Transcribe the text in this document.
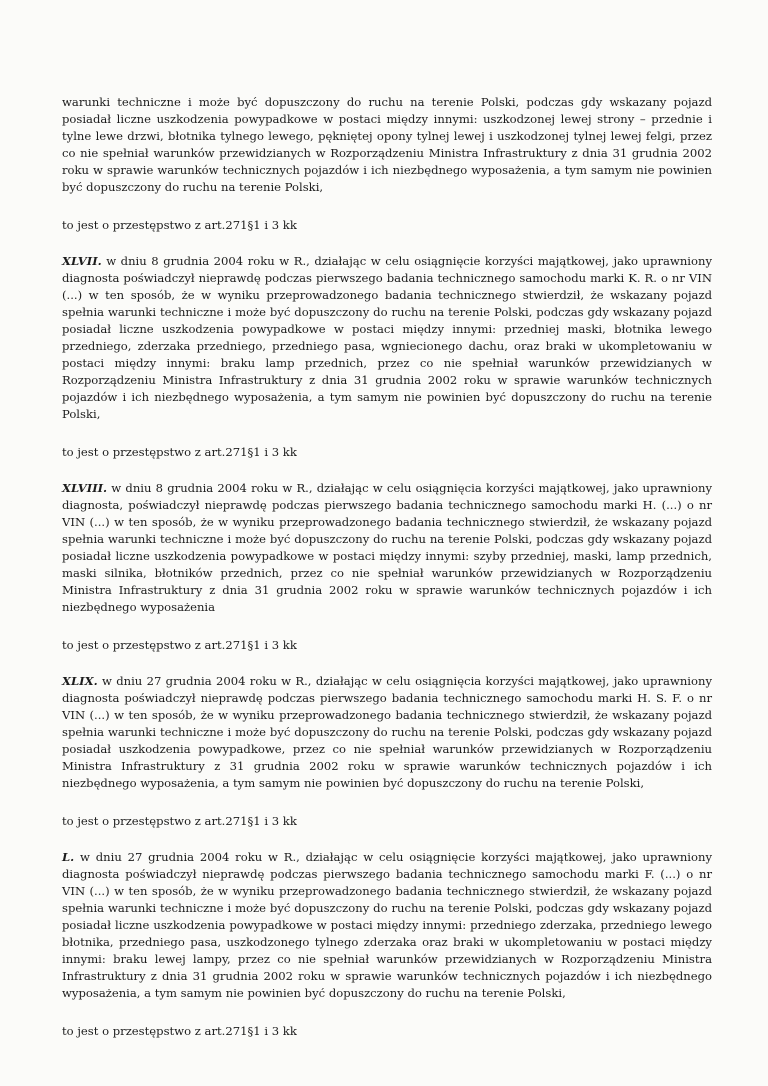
warunki techniczne i może być dopuszczony do ruchu na terenie Polski, podczas gdy wskazany pojazd posiadał liczne uszkodzenia powypadkowe w postaci między innymi: uszkodzonej lewej strony – przednie i tylne lewe drzwi, błotnika tylnego lewego, pękniętej opony tylnej lewej i uszkodzonej tylnej lewej felgi, przez co nie spełniał warunków przewidzianych w Rozporządzeniu Ministra Infrastruktury z dnia 31 grudnia 2002 roku w sprawie warunków technicznych pojazdów i ich niezbędnego wyposażenia, a tym samym nie powinien być dopuszczony do ruchu na terenie Polski,

to jest o przestępstwo z art.271§1 i 3 kk

XLVII. w dniu 8 grudnia 2004 roku w R., działając w celu osiągnięcie korzyści majątkowej, jako uprawniony diagnosta poświadczył nieprawdę podczas pierwszego badania technicznego samochodu marki K. R. o nr VIN (...) w ten sposób, że w wyniku przeprowadzonego badania technicznego stwierdził, że wskazany pojazd spełnia warunki techniczne i może być dopuszczony do ruchu na terenie Polski, podczas gdy wskazany pojazd posiadał liczne uszkodzenia powypadkowe w postaci między innymi: przedniej maski, błotnika lewego przedniego, zderzaka przedniego, przedniego pasa, wgniecionego dachu, oraz braki w ukompletowaniu w postaci między innymi: braku lamp przednich, przez co nie spełniał warunków przewidzianych w Rozporządzeniu Ministra Infrastruktury z dnia 31 grudnia 2002 roku w sprawie warunków technicznych pojazdów i ich niezbędnego wyposażenia, a tym samym nie powinien być dopuszczony do ruchu na terenie Polski,

to jest o przestępstwo z art.271§1 i 3 kk

XLVIII. w dniu 8 grudnia 2004 roku w R., działając w celu osiągnięcia korzyści majątkowej, jako uprawniony diagnosta, poświadczył nieprawdę podczas pierwszego badania technicznego samochodu marki H. (...) o nr VIN (...) w ten sposób, że w wyniku przeprowadzonego badania technicznego stwierdził, że wskazany pojazd spełnia warunki techniczne i może być dopuszczony do ruchu na terenie Polski, podczas gdy wskazany pojazd posiadał liczne uszkodzenia powypadkowe w postaci między innymi: szyby przedniej, maski, lamp przednich, maski silnika, błotników przednich, przez co nie spełniał warunków przewidzianych w Rozporządzeniu Ministra Infrastruktury z dnia 31 grudnia 2002 roku w sprawie warunków technicznych pojazdów i ich niezbędnego wyposażenia

to jest o przestępstwo z art.271§1 i 3 kk

XLIX. w dniu 27 grudnia 2004 roku w R., działając w celu osiągnięcia korzyści majątkowej, jako uprawniony diagnosta poświadczył nieprawdę podczas pierwszego badania technicznego samochodu marki H. S. F. o nr VIN (...) w ten sposób, że w wyniku przeprowadzonego badania technicznego stwierdził, że wskazany pojazd spełnia warunki techniczne i może być dopuszczony do ruchu na terenie Polski, podczas gdy wskazany pojazd posiadał uszkodzenia powypadkowe, przez co nie spełniał warunków przewidzianych w Rozporządzeniu Ministra Infrastruktury z 31 grudnia 2002 roku w sprawie warunków technicznych pojazdów i ich niezbędnego wyposażenia, a tym samym nie powinien być dopuszczony do ruchu na terenie Polski,

to jest o przestępstwo z art.271§1 i 3 kk

L. w dniu 27 grudnia 2004 roku w R., działając w celu osiągnięcie korzyści majątkowej, jako uprawniony diagnosta poświadczył nieprawdę podczas pierwszego badania technicznego samochodu marki F. (...) o nr VIN (...) w ten sposób, że w wyniku przeprowadzonego badania technicznego stwierdził, że wskazany pojazd spełnia warunki techniczne i może być dopuszczony do ruchu na terenie Polski, podczas gdy wskazany pojazd posiadał liczne uszkodzenia powypadkowe w postaci między innymi: przedniego zderzaka, przedniego lewego błotnika, przedniego pasa, uszkodzonego tylnego zderzaka oraz braki w ukompletowaniu w postaci między innymi: braku lewej lampy, przez co nie spełniał warunków przewidzianych w Rozporządzeniu Ministra Infrastruktury z dnia 31 grudnia 2002 roku w sprawie warunków technicznych pojazdów i ich niezbędnego wyposażenia, a tym samym nie powinien być dopuszczony do ruchu na terenie Polski,

to jest o przestępstwo z art.271§1 i 3 kk
